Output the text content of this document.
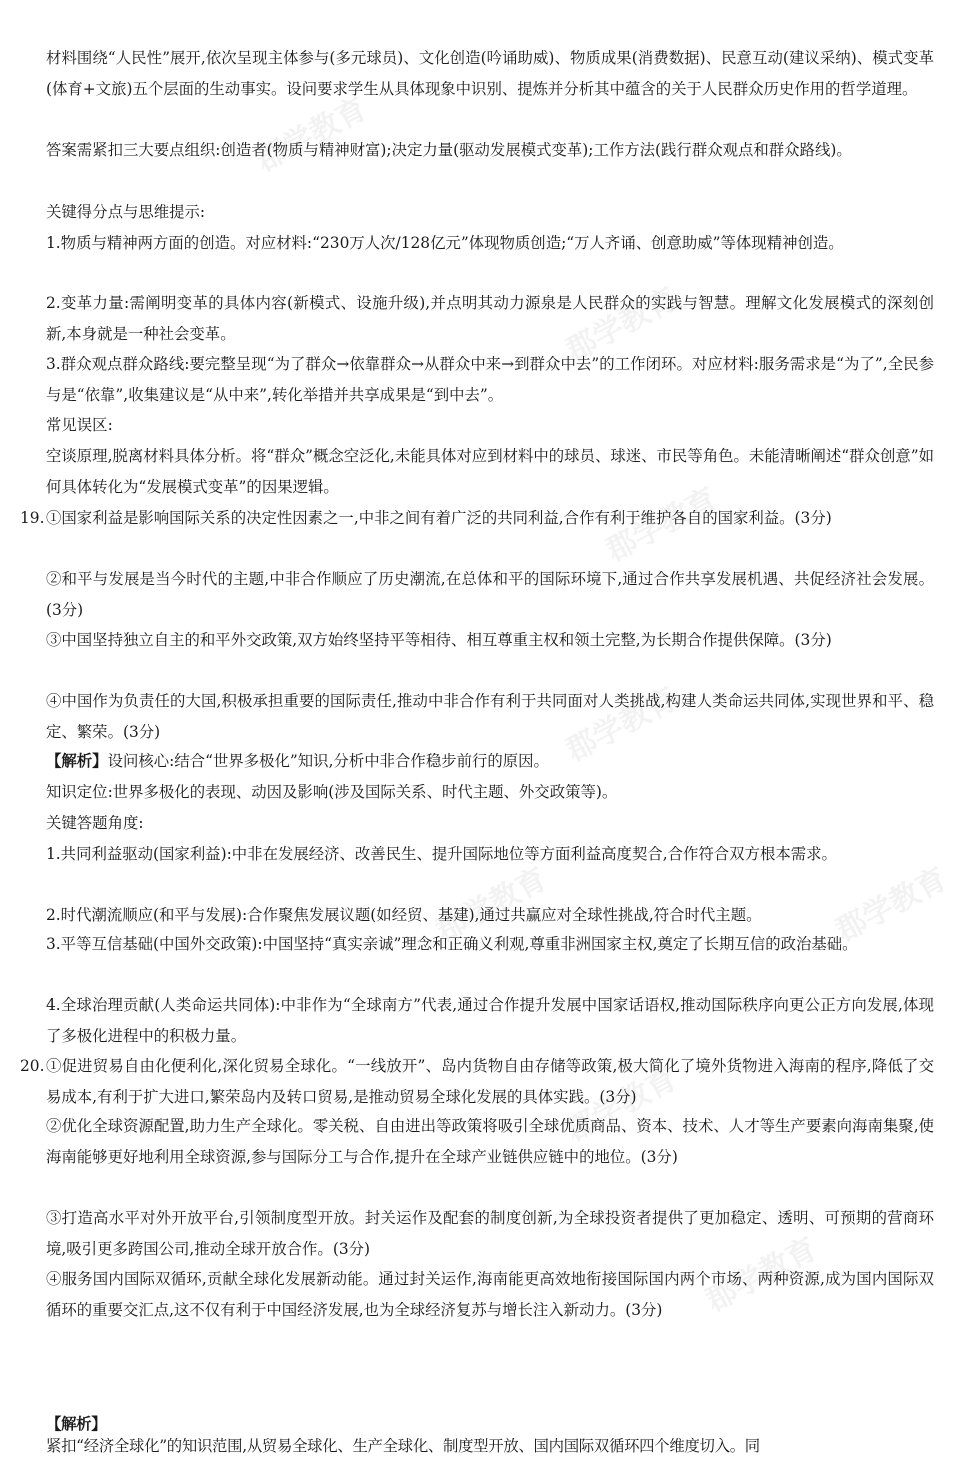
郡学教育
郡学教育
郡学教育
郡学教育
郡学教育	郡学教育
郡学教育
郡学教育
材料围绕“人民性”展开,依次呈现主体参与(多元球员)、文化创造(吟诵助威)、物质成果(消费数据)、民意互动(建议采纳)、模式变革(体育+文旅)五个层面的生动事实。设问要求学生从具体现象中识别、提炼并分析其中蕴含的关于人民群众历史作用的哲学道理。
答案需紧扣三大要点组织:创造者(物质与精神财富);决定力量(驱动发展模式变革);工作方法(践行群众观点和群众路线)。
关键得分点与思维提示:
1.物质与精神两方面的创造。对应材料:“230万人次/128亿元”体现物质创造;“万人齐诵、创意助威”等体现精神创造。
2.变革力量:需阐明变革的具体内容(新模式、设施升级),并点明其动力源泉是人民群众的实践与智慧。理解文化发展模式的深刻创新,本身就是一种社会变革。
3.群众观点群众路线:要完整呈现“为了群众→依靠群众→从群众中来→到群众中去”的工作闭环。对应材料:服务需求是“为了”,全民参与是“依靠”,收集建议是“从中来”,转化举措并共享成果是“到中去”。
常见误区:
空谈原理,脱离材料具体分析。将“群众”概念空泛化,未能具体对应到材料中的球员、球迷、市民等角色。未能清晰阐述“群众创意”如何具体转化为“发展模式变革”的因果逻辑。
19. ①国家利益是影响国际关系的决定性因素之一,中非之间有着广泛的共同利益,合作有利于维护各自的国家利益。(3分)
②和平与发展是当今时代的主题,中非合作顺应了历史潮流,在总体和平的国际环境下,通过合作共享发展机遇、共促经济社会发展。(3分)
③中国坚持独立自主的和平外交政策,双方始终坚持平等相待、相互尊重主权和领土完整,为长期合作提供保障。(3分)
④中国作为负责任的大国,积极承担重要的国际责任,推动中非合作有利于共同面对人类挑战,构建人类命运共同体,实现世界和平、稳定、繁荣。(3分)
【解析】设问核心:结合“世界多极化”知识,分析中非合作稳步前行的原因。
知识定位:世界多极化的表现、动因及影响(涉及国际关系、时代主题、外交政策等)。
关键答题角度:
1.共同利益驱动(国家利益):中非在发展经济、改善民生、提升国际地位等方面利益高度契合,合作符合双方根本需求。
2.时代潮流顺应(和平与发展):合作聚焦发展议题(如经贸、基建),通过共赢应对全球性挑战,符合时代主题。
3.平等互信基础(中国外交政策):中国坚持“真实亲诚”理念和正确义利观,尊重非洲国家主权,奠定了长期互信的政治基础。
4.全球治理贡献(人类命运共同体):中非作为“全球南方”代表,通过合作提升发展中国家话语权,推动国际秩序向更公正方向发展,体现了多极化进程中的积极力量。
20. ①促进贸易自由化便利化,深化贸易全球化。“一线放开”、岛内货物自由存储等政策,极大简化了境外货物进入海南的程序,降低了交易成本,有利于扩大进口,繁荣岛内及转口贸易,是推动贸易全球化发展的具体实践。(3分)
②优化全球资源配置,助力生产全球化。零关税、自由进出等政策将吸引全球优质商品、资本、技术、人才等生产要素向海南集聚,使海南能够更好地利用全球资源,参与国际分工与合作,提升在全球产业链供应链中的地位。(3分)
③打造高水平对外开放平台,引领制度型开放。封关运作及配套的制度创新,为全球投资者提供了更加稳定、透明、可预期的营商环境,吸引更多跨国公司,推动全球开放合作。(3分)
④服务国内国际双循环,贡献全球化发展新动能。通过封关运作,海南能更高效地衔接国际国内两个市场、两种资源,成为国内国际双循环的重要交汇点,这不仅有利于中国经济发展,也为全球经济复苏与增长注入新动力。(3分)
【解析】
紧扣“经济全球化”的知识范围,从贸易全球化、生产全球化、制度型开放、国内国际双循环四个维度切入。同
